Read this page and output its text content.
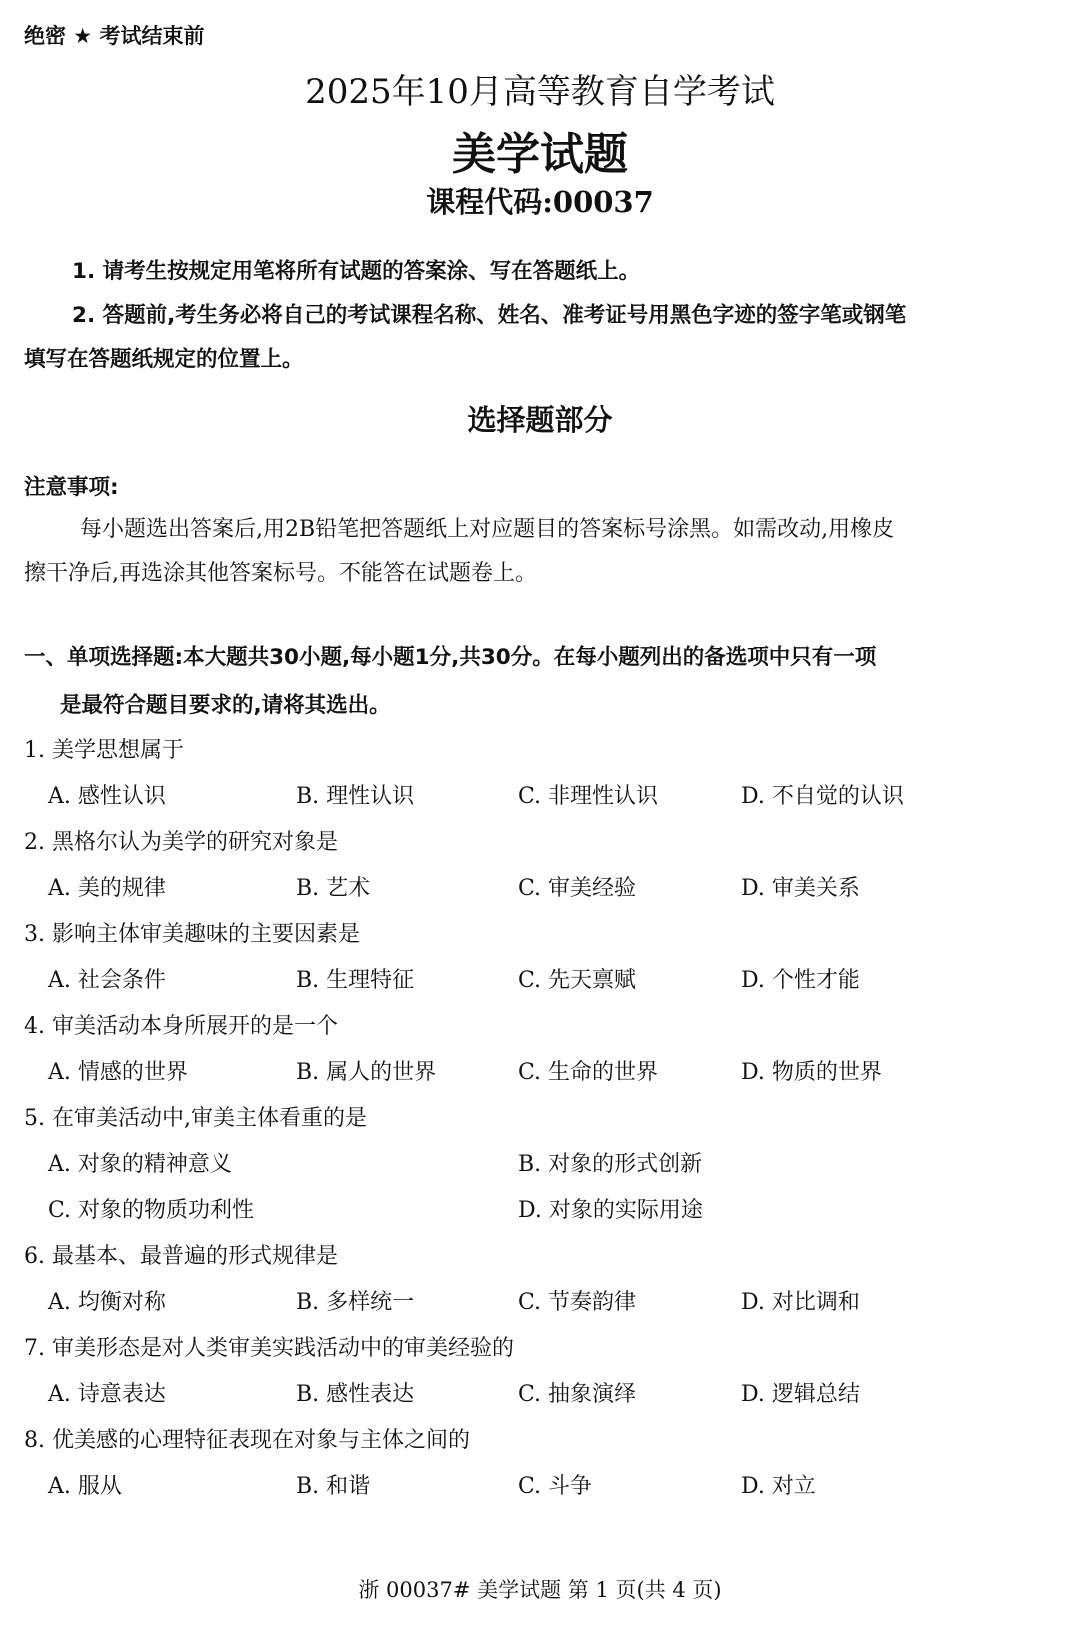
绝密 ★ 考试结束前
2025年10月高等教育自学考试
美学试题
课程代码:00037
1. 请考生按规定用笔将所有试题的答案涂、写在答题纸上。
2. 答题前,考生务必将自己的考试课程名称、姓名、准考证号用黑色字迹的签字笔或钢笔
填写在答题纸规定的位置上。
选择题部分
注意事项:
每小题选出答案后,用2B铅笔把答题纸上对应题目的答案标号涂黑。如需改动,用橡皮
擦干净后,再选涂其他答案标号。不能答在试题卷上。
一、单项选择题:本大题共30小题,每小题1分,共30分。在每小题列出的备选项中只有一项
是最符合题目要求的,请将其选出。
1. 美学思想属于
A. 感性认识	B. 理性认识	C. 非理性认识	D. 不自觉的认识
2. 黑格尔认为美学的研究对象是
A. 美的规律	B. 艺术	C. 审美经验	D. 审美关系
3. 影响主体审美趣味的主要因素是
A. 社会条件	B. 生理特征	C. 先天禀赋	D. 个性才能
4. 审美活动本身所展开的是一个
A. 情感的世界	B. 属人的世界	C. 生命的世界	D. 物质的世界
5. 在审美活动中,审美主体看重的是
A. 对象的精神意义	B. 对象的形式创新
C. 对象的物质功利性	D. 对象的实际用途
6. 最基本、最普遍的形式规律是
A. 均衡对称	B. 多样统一	C. 节奏韵律	D. 对比调和
7. 审美形态是对人类审美实践活动中的审美经验的
A. 诗意表达	B. 感性表达	C. 抽象演绎	D. 逻辑总结
8. 优美感的心理特征表现在对象与主体之间的
A. 服从	B. 和谐	C. 斗争	D. 对立
浙 00037# 美学试题 第 1 页(共 4 页)
